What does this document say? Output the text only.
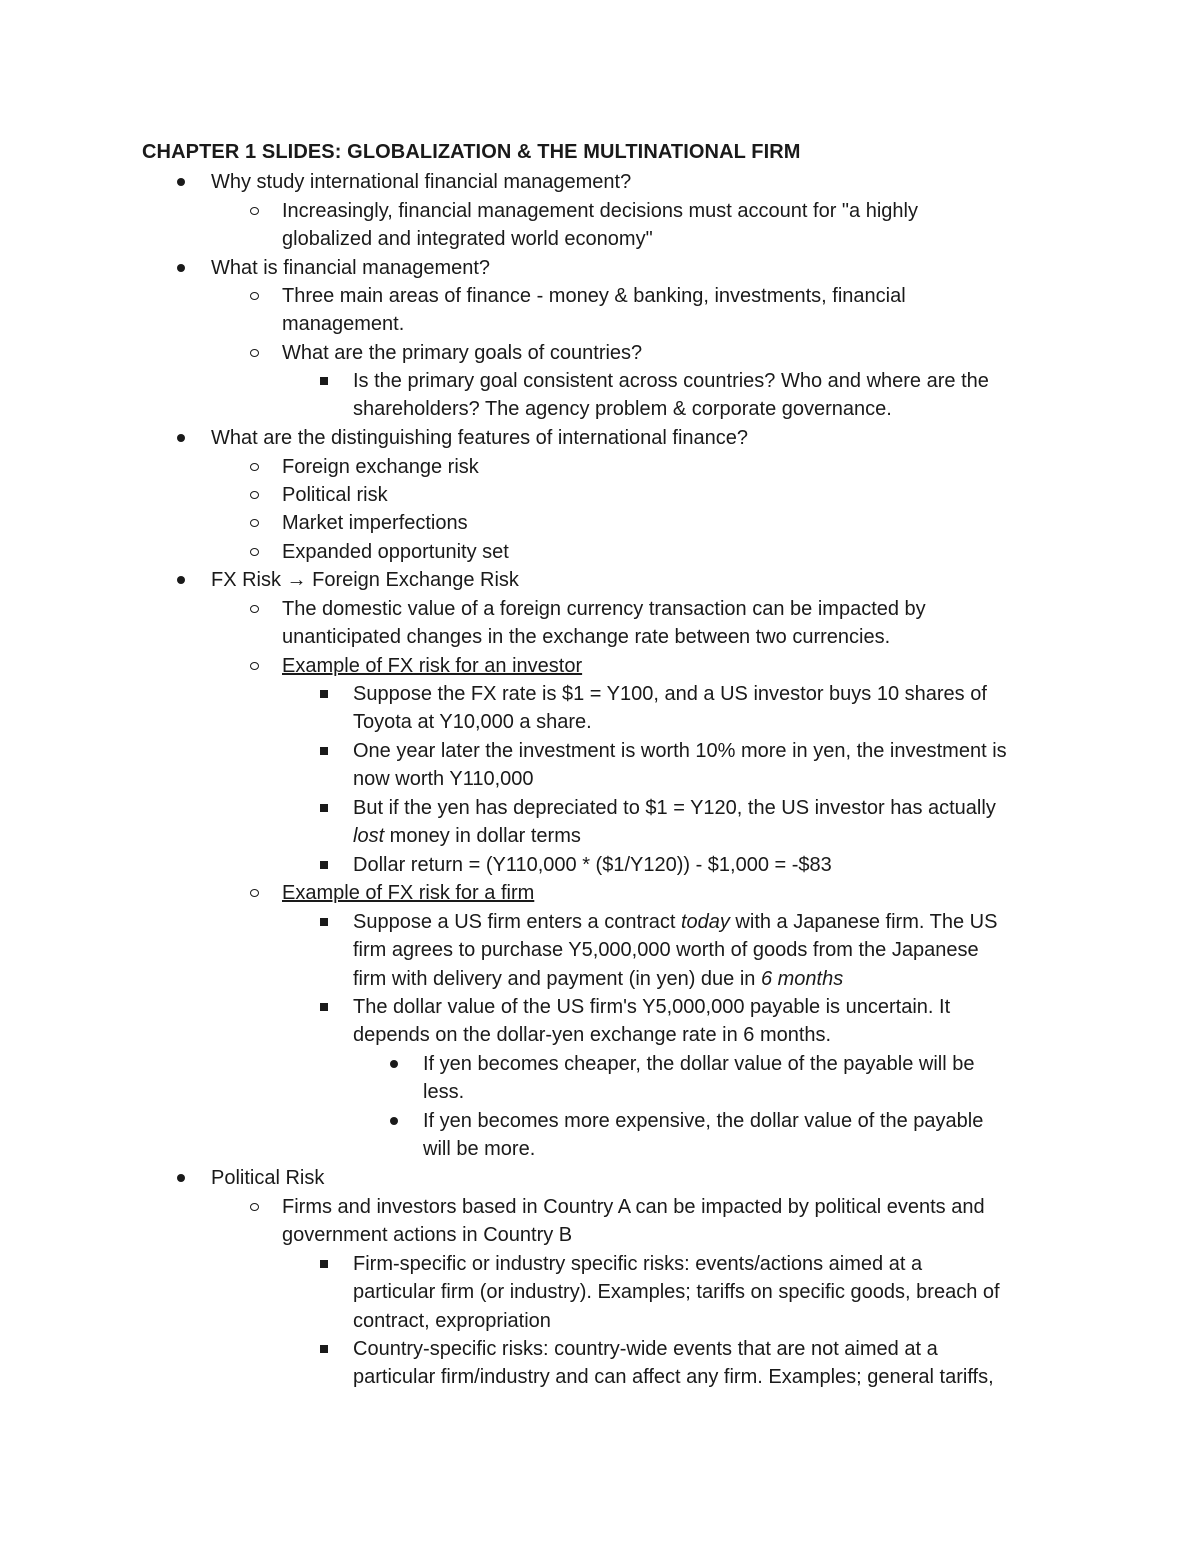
CHAPTER 1 SLIDES: GLOBALIZATION & THE MULTINATIONAL FIRM
Why study international financial management?
Increasingly, financial management decisions must account for "a highly
globalized and integrated world economy"
What is financial management?
Three main areas of finance - money & banking, investments, financial
management.
What are the primary goals of countries?
Is the primary goal consistent across countries? Who and where are the
shareholders? The agency problem & corporate governance.
What are the distinguishing features of international finance?
Foreign exchange risk
Political risk
Market imperfections
Expanded opportunity set
FX Risk → Foreign Exchange Risk
The domestic value of a foreign currency transaction can be impacted by
unanticipated changes in the exchange rate between two currencies.
Example of FX risk for an investor
Suppose the FX rate is $1 = Y100, and a US investor buys 10 shares of
Toyota at Y10,000 a share.
One year later the investment is worth 10% more in yen, the investment is
now worth Y110,000
But if the yen has depreciated to $1 = Y120, the US investor has actually
lost money in dollar terms
Dollar return = (Y110,000 * ($1/Y120)) - $1,000 = -$83
Example of FX risk for a firm
Suppose a US firm enters a contract today with a Japanese firm. The US
firm agrees to purchase Y5,000,000 worth of goods from the Japanese
firm with delivery and payment (in yen) due in 6 months
The dollar value of the US firm's Y5,000,000 payable is uncertain. It
depends on the dollar-yen exchange rate in 6 months.
If yen becomes cheaper, the dollar value of the payable will be
less.
If yen becomes more expensive, the dollar value of the payable
will be more.
Political Risk
Firms and investors based in Country A can be impacted by political events and
government actions in Country B
Firm-specific or industry specific risks: events/actions aimed at a
particular firm (or industry). Examples; tariffs on specific goods, breach of
contract, expropriation
Country-specific risks: country-wide events that are not aimed at a
particular firm/industry and can affect any firm. Examples; general tariffs,
